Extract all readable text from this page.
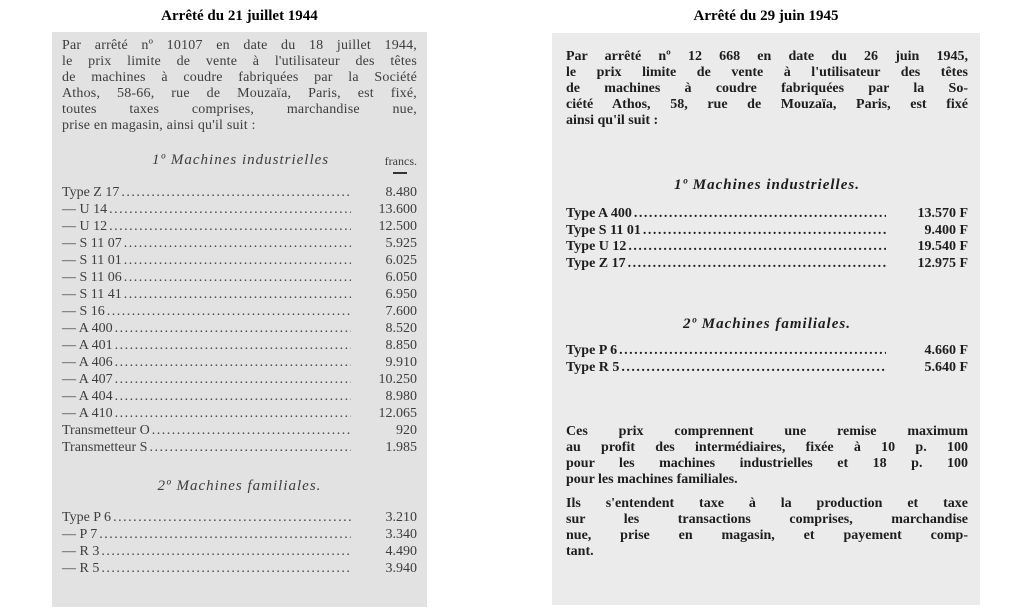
Arrêté du 21 juillet 1944	Arrêté du 29 juin 1945

Par arrêté nº 10107 en date du 18 juillet 1944,
le prix limite de vente à l'utilisateur des têtes
de machines à coudre fabriquées par la Société
Athos, 58-66, rue de Mouzaïa, Paris, est fixé,
toutes taxes comprises, marchandise nue,
prise en magasin, ainsi qu'il suit :

1º Machines industrielles	francs.
Type Z 17 .....	8.480
— U 14 .....	13.600
— U 12 .....	12.500
— S 11 07 .....	5.925
— S 11 01 .....	6.025
— S 11 06 .....	6.050
— S 11 41 .....	6.950
— S 16 .....	7.600
— A 400 .....	8.520
— A 401 .....	8.850
— A 406 .....	9.910
— A 407 .....	10.250
— A 404 .....	8.980
— A 410 .....	12.065
Transmetteur O .....	920
Transmetteur S .....	1.985

2º Machines familiales.

Type P 6 .....	3.210
— P 7 .....	3.340
— R 3 .....	4.490
— R 5 .....	3.940

Par arrêté nº 12 668 en date du 26 juin 1945,
le prix limite de vente à l'utilisateur des têtes
de machines à coudre fabriquées par la So-
ciété Athos, 58, rue de Mouzaïa, Paris, est fixé
ainsi qu'il suit :

1º Machines industrielles.

Type A 400 .....	13.570 F
Type S 11 01 .....	9.400 F
Type U 12 .....	19.540 F
Type Z 17 .....	12.975 F

2º Machines familiales.

Type P 6 .....	4.660 F
Type R 5 .....	5.640 F

Ces prix comprennent une remise maximum
au profit des intermédiaires, fixée à 10 p. 100
pour les machines industrielles et 18 p. 100
pour les machines familiales.

Ils s'entendent taxe à la production et taxe
sur les transactions comprises, marchandise
nue, prise en magasin, et payement comp-
tant.
